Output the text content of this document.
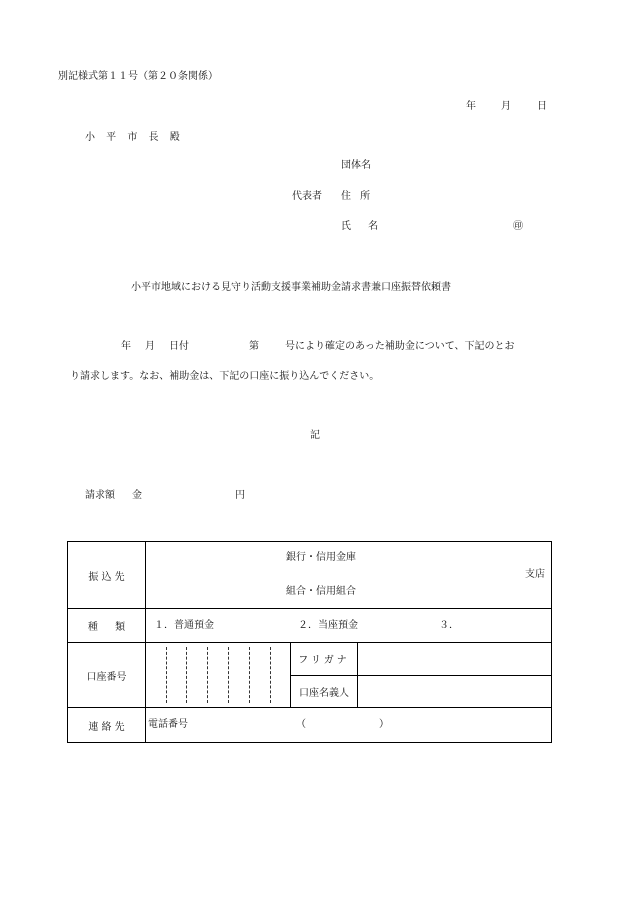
別記様式第１１号（第２０条関係）
年	月	日
小 平 市 長 殿
団体名
代表者 住 所
氏 名	㊞
小平市地域における見守り活動支援事業補助金請求書兼口座振替依頼書
年 月 日付	第	号により確定のあった補助金について、下記のとお
り請求します。なお、補助金は、下記の口座に振り込んでください。
記
請求額 金	円
振 込 先	銀行・信用金庫
組合・信用組合
支店		

種 類	１．普通預金 ２．当座預金 ３．		

口座番号		フリガナ	
		口座名義人	
連 絡 先	電話番号 （ ）		
